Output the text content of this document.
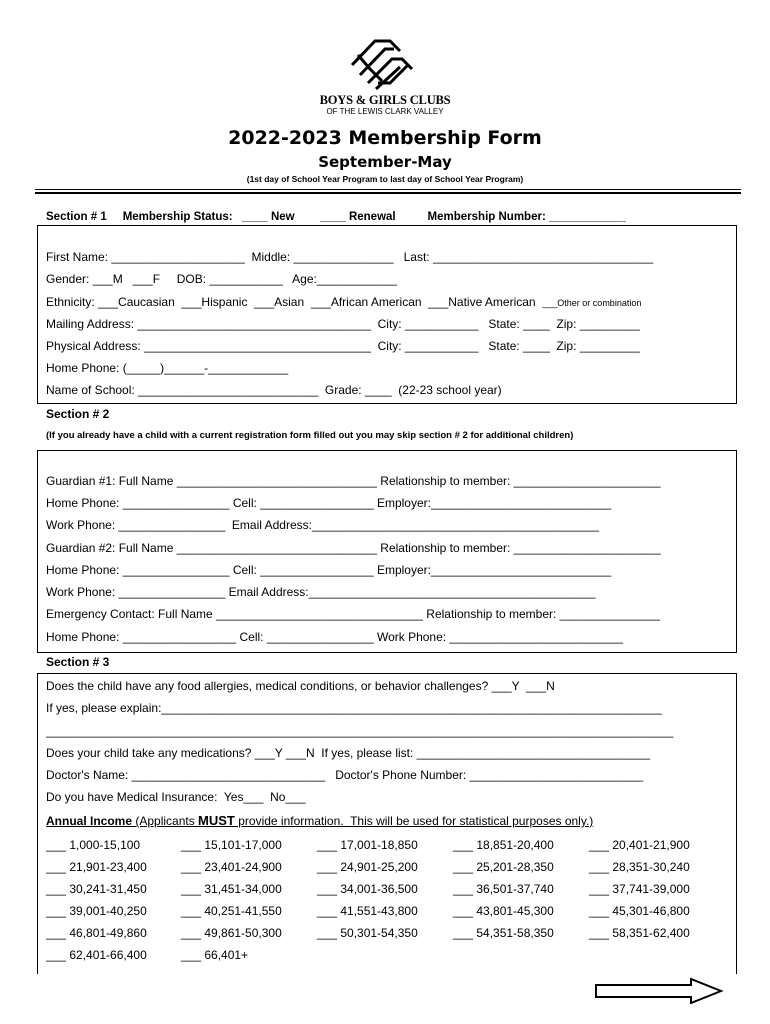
BOYS & GIRLS CLUBS
OF THE LEWIS CLARK VALLEY
2022-2023 Membership Form
September-May
(1st day of School Year Program to last day of School Year Program)
Section # 1     Membership Status:   ____ New        ____ Renewal          Membership Number: ____________
First Name: ____________________  Middle: _______________   Last: _________________________________
Gender: ___M   ___F     DOB: ___________   Age:____________
Ethnicity: ___Caucasian  ___Hispanic  ___Asian  ___African American  ___Native American  ___Other or combination
Mailing Address: ___________________________________  City: ___________   State: ____  Zip: _________
Physical Address: __________________________________  City: ___________   State: ____  Zip: _________
Home Phone: (_____)______-____________
Name of School: ___________________________  Grade: ____  (22-23 school year)
Section # 2
(If you already have a child with a current registration form filled out you may skip section # 2 for additional children)
Guardian #1: Full Name ______________________________ Relationship to member: ______________________
Home Phone: ________________ Cell: _________________ Employer:___________________________
Work Phone: ________________  Email Address:___________________________________________
Guardian #2: Full Name ______________________________ Relationship to member: ______________________
Home Phone: ________________ Cell: _________________ Employer:___________________________
Work Phone: ________________ Email Address:___________________________________________
Emergency Contact: Full Name _______________________________ Relationship to member: _______________
Home Phone: _________________ Cell: ________________ Work Phone: __________________________
Section # 3
Does the child have any food allergies, medical conditions, or behavior challenges? ___Y  ___N
If yes, please explain:___________________________________________________________________________
______________________________________________________________________________________________
Does your child take any medications? ___Y ___N  If yes, please list: ___________________________________
Doctor's Name: _____________________________   Doctor's Phone Number: __________________________
Do you have Medical Insurance:  Yes___  No___
Annual Income (Applicants MUST provide information.  This will be used for statistical purposes only.)
___ 1,000-15,100	___ 15,101-17,000	___ 17,001-18,850	___ 18,851-20,400	___ 20,401-21,900
___ 21,901-23,400	___ 23,401-24,900	___ 24,901-25,200	___ 25,201-28,350	___ 28,351-30,240
___ 30,241-31,450	___ 31,451-34,000	___ 34,001-36,500	___ 36,501-37,740	___ 37,741-39,000
___ 39,001-40,250	___ 40,251-41,550	___ 41,551-43,800	___ 43,801-45,300	___ 45,301-46,800
___ 46,801-49,860	___ 49,861-50,300	___ 50,301-54,350	___ 54,351-58,350	___ 58,351-62,400
___ 62,401-66,400	___ 66,401+
